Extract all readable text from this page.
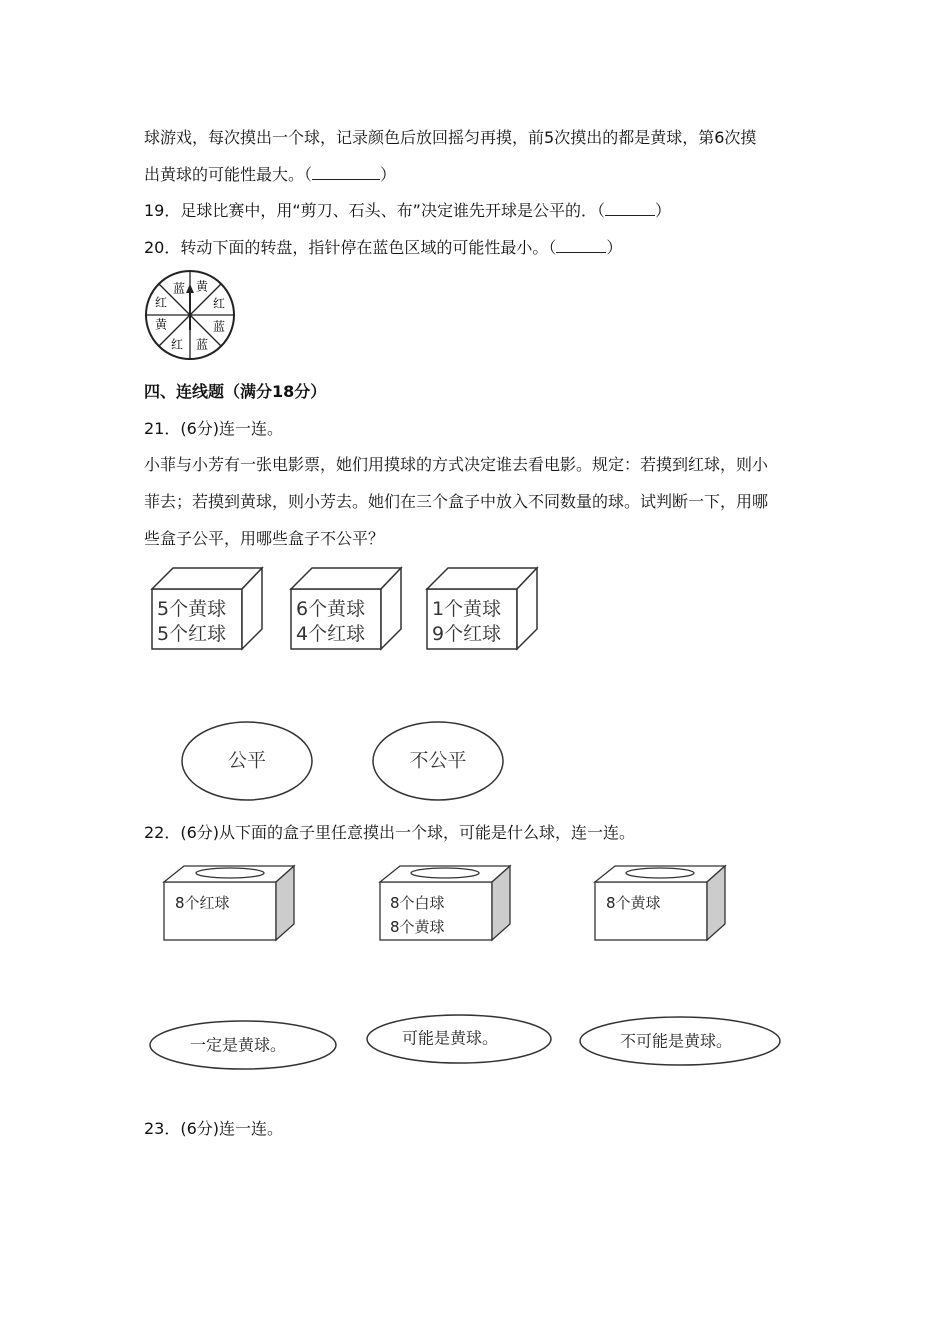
球游戏，每次摸出一个球，记录颜色后放回摇匀再摸，前5次摸出的都是黄球，第6次摸
出黄球的可能性最大。（	）
19．足球比赛中，用“剪刀、石头、布”决定谁先开球是公平的．（	）
20．转动下面的转盘，指针停在蓝色区域的可能性最小。（	）
蓝 黄
红
蓝
蓝
红
黄
红
四、连线题（满分18分）
21．(6分)连一连。
小菲与小芳有一张电影票，她们用摸球的方式决定谁去看电影。规定：若摸到红球，则小
菲去；若摸到黄球，则小芳去。她们在三个盒子中放入不同数量的球。试判断一下，用哪
些盒子公平，用哪些盒子不公平？
5个黄球
5个红球
6个黄球
4个红球
1个黄球
9个红球
公平	不公平
22．(6分)从下面的盒子里任意摸出一个球，可能是什么球，连一连。
8个红球	8个白球
8个黄球
8个黄球
一定是黄球。	可能是黄球。	不可能是黄球。
23．(6分)连一连。
